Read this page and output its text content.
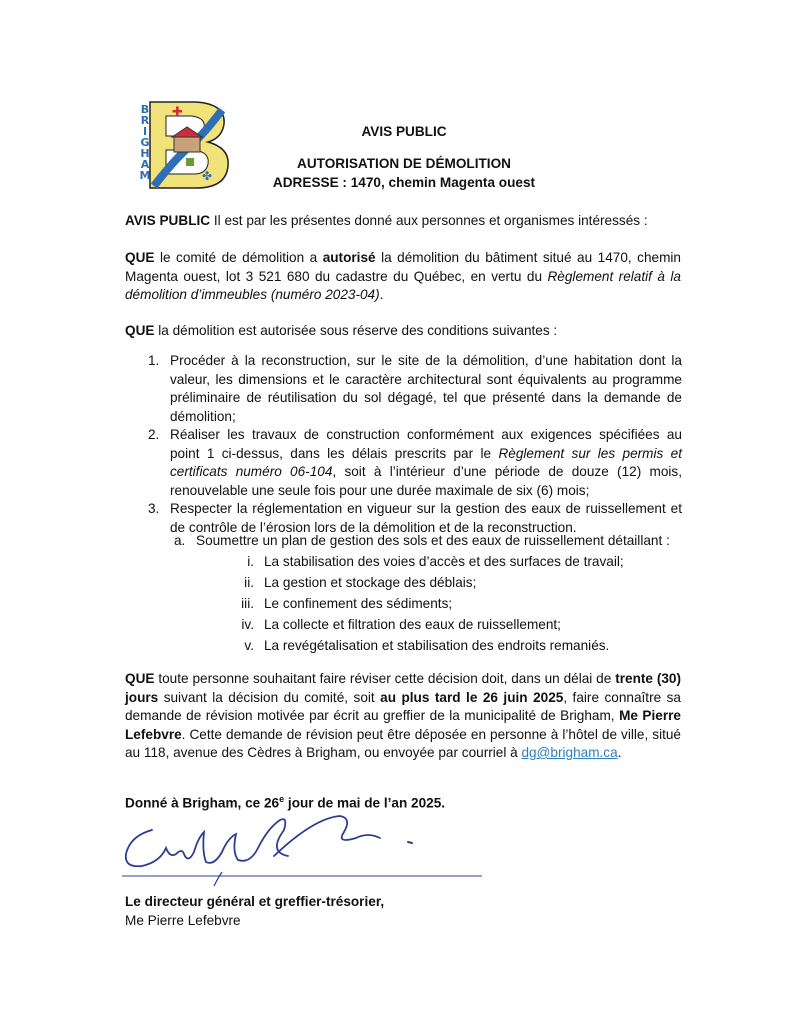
✚
✤
BRIGHAM
AVIS PUBLIC
AUTORISATION DE DÉMOLITION
ADRESSE : 1470, chemin Magenta ouest
AVIS PUBLIC Il est par les présentes donné aux personnes et organismes intéressés :
QUE le comité de démolition a autorisé la démolition du bâtiment situé au 1470, chemin Magenta ouest, lot 3 521 680 du cadastre du Québec, en vertu du Règlement relatif à la démolition d’immeubles (numéro 2023-04).
QUE la démolition est autorisée sous réserve des conditions suivantes :
1. Procéder à la reconstruction, sur le site de la démolition, d’une habitation dont la valeur, les dimensions et le caractère architectural sont équivalents au programme préliminaire de réutilisation du sol dégagé, tel que présenté dans la demande de démolition;
2. Réaliser les travaux de construction conformément aux exigences spécifiées au point 1 ci-dessus, dans les délais prescrits par le Règlement sur les permis et certificats numéro 06-104, soit à l’intérieur d’une période de douze (12) mois, renouvelable une seule fois pour une durée maximale de six (6) mois;
3. Respecter la réglementation en vigueur sur la gestion des eaux de ruissellement et de contrôle de l’érosion lors de la démolition et de la reconstruction.
a. Soumettre un plan de gestion des sols et des eaux de ruissellement détaillant :
i. La stabilisation des voies d’accès et des surfaces de travail;
ii. La gestion et stockage des déblais;
iii. Le confinement des sédiments;
iv. La collecte et filtration des eaux de ruissellement;
v. La revégétalisation et stabilisation des endroits remaniés.
QUE toute personne souhaitant faire réviser cette décision doit, dans un délai de trente (30) jours suivant la décision du comité, soit au plus tard le 26 juin 2025, faire connaître sa demande de révision motivée par écrit au greffier de la municipalité de Brigham, Me Pierre Lefebvre. Cette demande de révision peut être déposée en personne à l’hôtel de ville, situé au 118, avenue des Cèdres à Brigham, ou envoyée par courriel à dg@brigham.ca.
Donné à Brigham, ce 26e jour de mai de l’an 2025.
Le directeur général et greffier-trésorier,
Me Pierre Lefebvre
